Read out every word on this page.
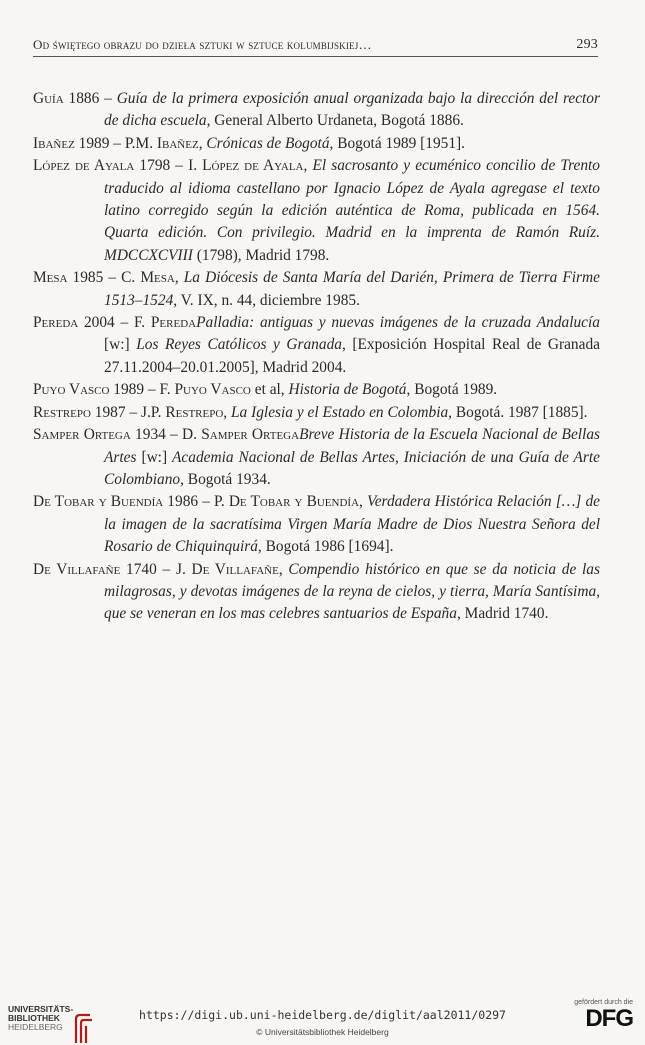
Od świętego obrazu do dzieła sztuki w sztuce kolumbijskiej…	293

Guía 1886 – Guía de la primera exposición anual organizada bajo la dirección del rector de dicha escuela, General Alberto Urdaneta, Bogotá 1886.

Ibañez 1989 – P.M. Ibañez, Crónicas de Bogotá, Bogotá 1989 [1951].

López de Ayala 1798 – I. López de Ayala, El sacrosanto y ecuménico concilio de Trento traducido al idioma castellano por Ignacio López de Ayala agregase el texto latino corregido según la edición auténtica de Roma, publicada en 1564. Quarta edición. Con privilegio. Madrid en la imprenta de Ramón Ruíz. MDCCXCVIII (1798), Madrid 1798.

Mesa 1985 – C. Mesa, La Diócesis de Santa María del Darién, Primera de Tierra Firme 1513–1524, V. IX, n. 44, diciembre 1985.

Pereda 2004 – F. PeredaPalladia: antiguas y nuevas imágenes de la cruzada Andalucía [w:] Los Reyes Católicos y Granada, [Exposición Hospital Real de Granada 27.11.2004–20.01.2005], Madrid 2004.

Puyo Vasco 1989 – F. Puyo Vasco et al, Historia de Bogotá, Bogotá 1989.

Restrepo 1987 – J.P. Restrepo, La Iglesia y el Estado en Colombia, Bogotá. 1987 [1885].

Samper Ortega 1934 – D. Samper OrtegaBreve Historia de la Escuela Nacional de Bellas Artes [w:] Academia Nacional de Bellas Artes, Iniciación de una Guía de Arte Colombiano, Bogotá 1934.

De Tobar y Buendía 1986 – P. De Tobar y Buendía, Verdadera Histórica Relación […] de la imagen de la sacratísima Virgen María Madre de Dios Nuestra Señora del Rosario de Chiquinquirá, Bogotá 1986 [1694].

De Villafañe 1740 – J. De Villafañe, Compendio histórico en que se da noticia de las milagrosas, y devotas imágenes de la reyna de cielos, y tierra, María Santísima, que se veneran en los mas celebres santuarios de España, Madrid 1740.

UNIVERSITÄTS-
BIBLIOTHEK
HEIDELBERG
https://digi.ub.uni-heidelberg.de/diglit/aal2011/0297
© Universitätsbibliothek Heidelberg
gefördert durch die
DFG
